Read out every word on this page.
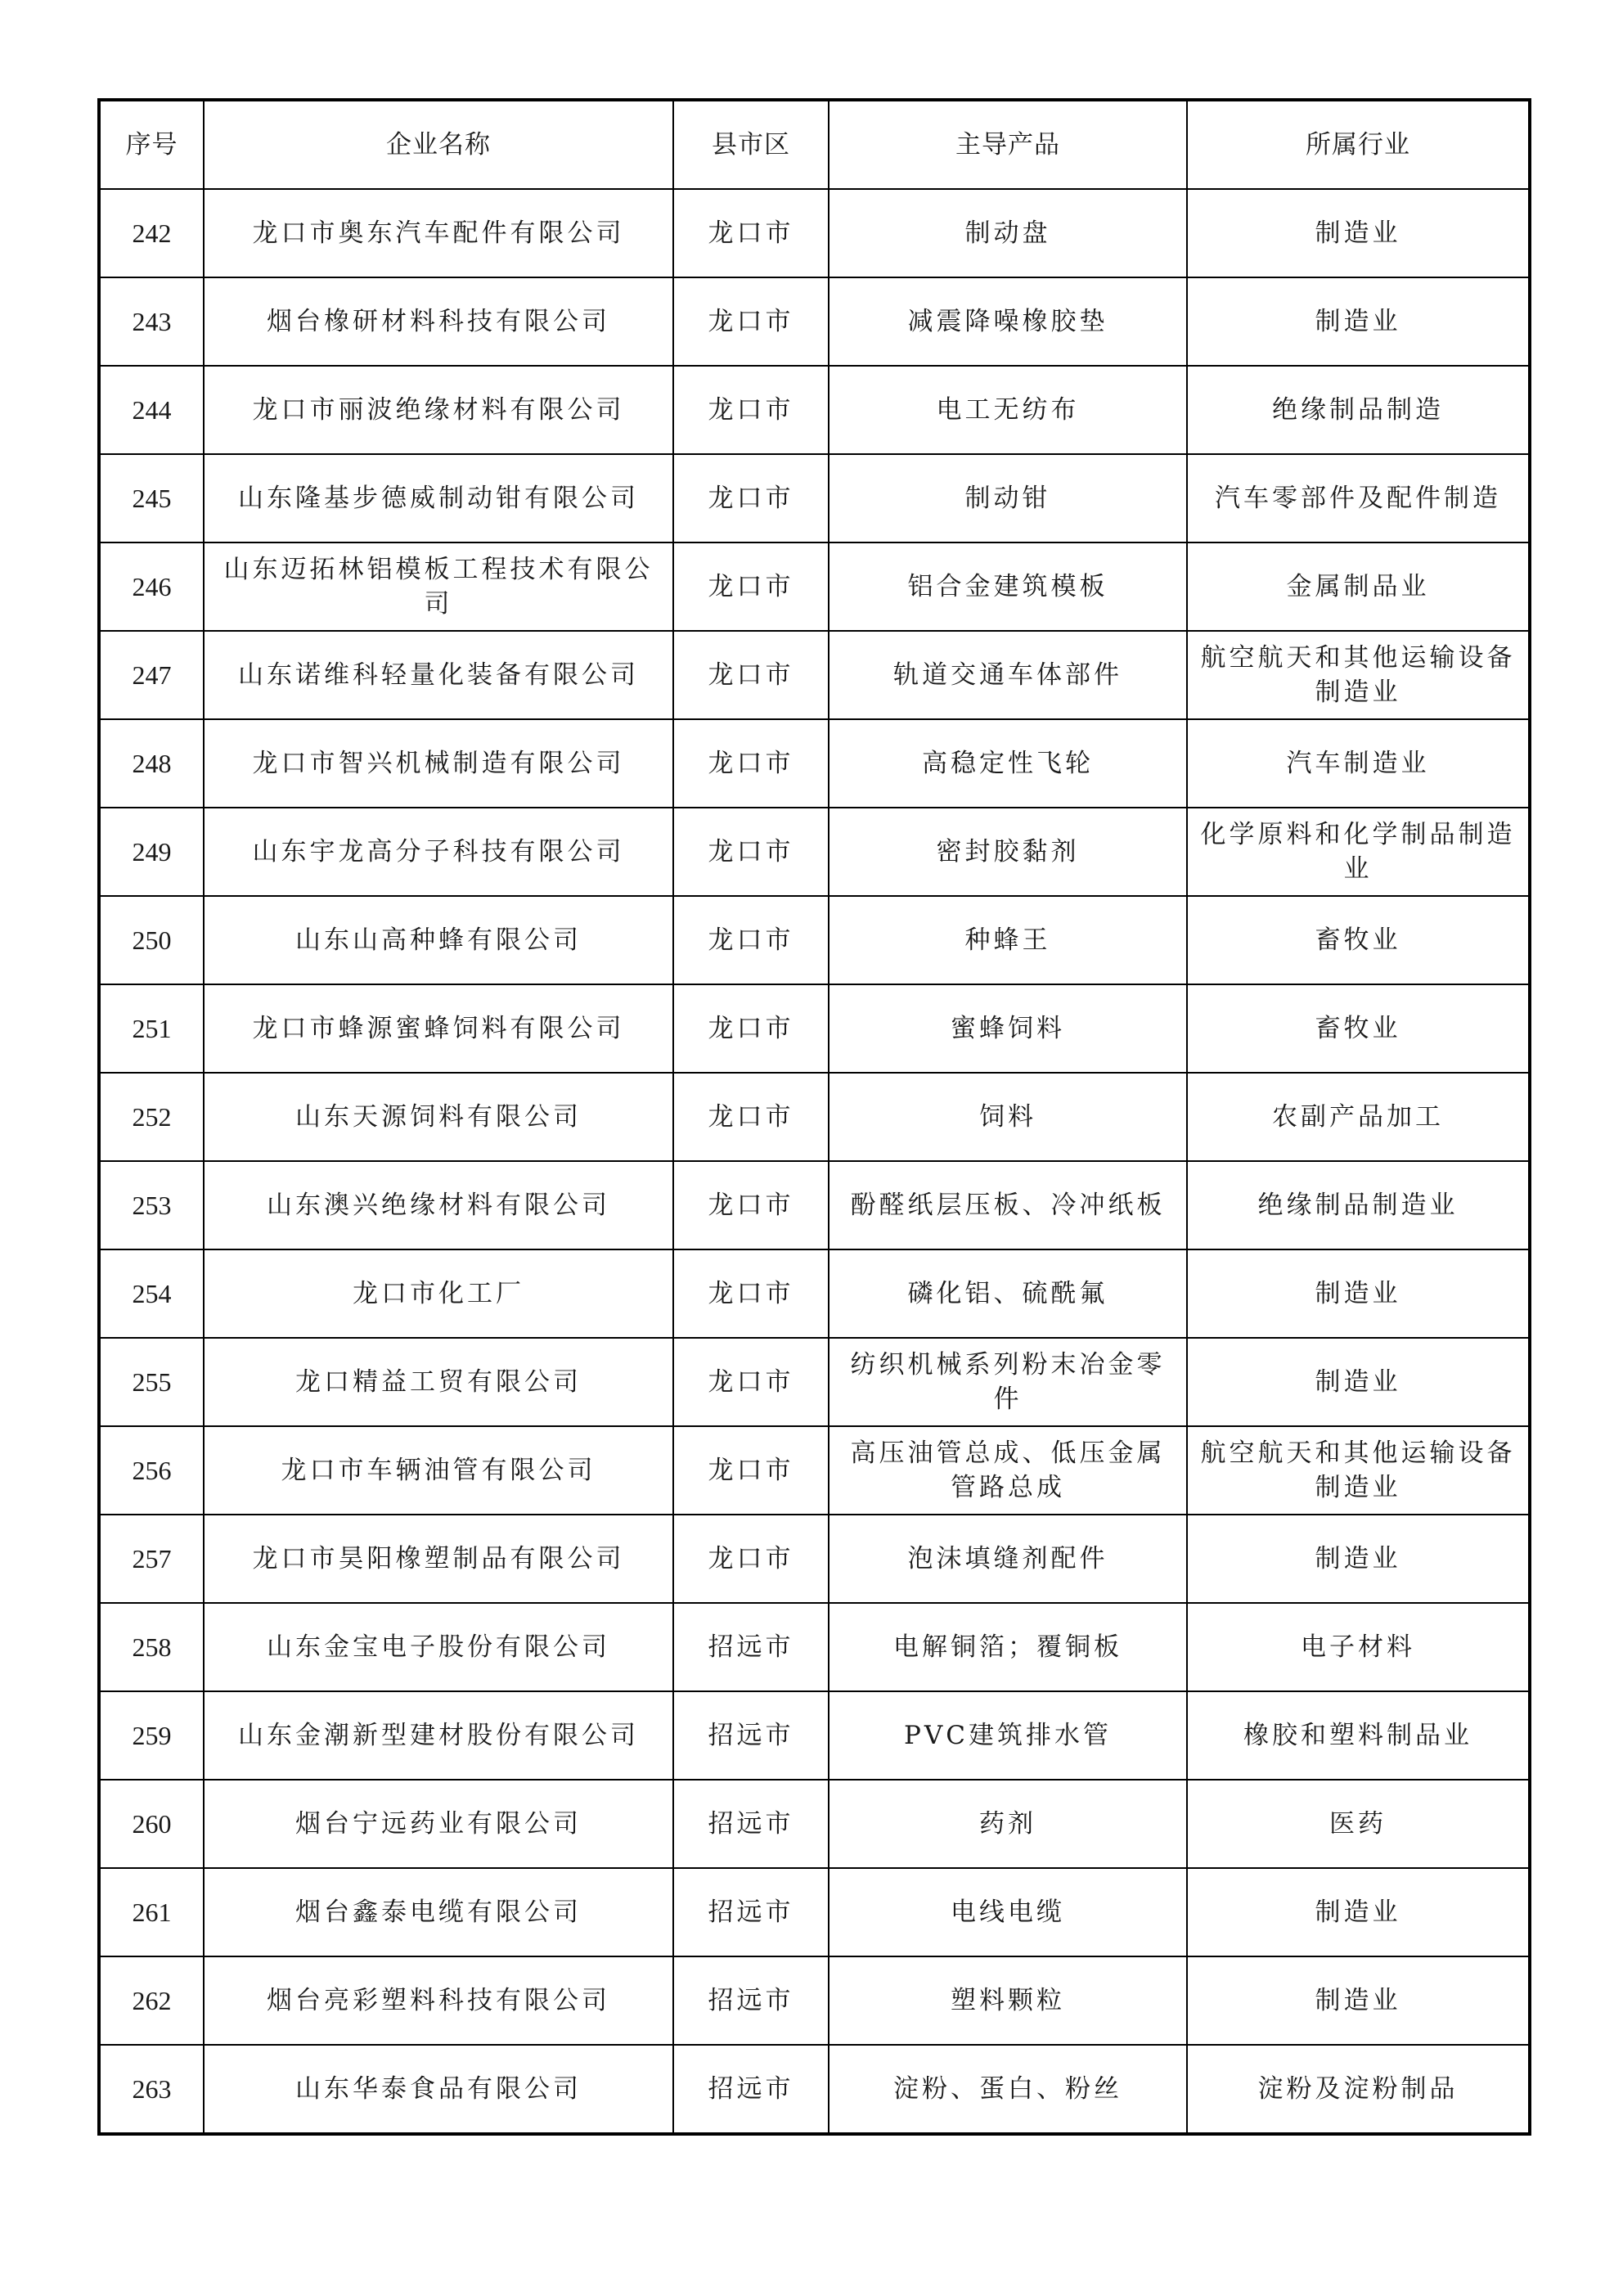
序号	企业名称	县市区	主导产品	所属行业
242	龙口市奥东汽车配件有限公司	龙口市	制动盘	制造业
243	烟台橡研材料科技有限公司	龙口市	减震降噪橡胶垫	制造业
244	龙口市丽波绝缘材料有限公司	龙口市	电工无纺布	绝缘制品制造
245	山东隆基步德威制动钳有限公司	龙口市	制动钳	汽车零部件及配件制造
246	山东迈拓林铝模板工程技术有限公司	龙口市	铝合金建筑模板	金属制品业
247	山东诺维科轻量化装备有限公司	龙口市	轨道交通车体部件	航空航天和其他运输设备制造业
248	龙口市智兴机械制造有限公司	龙口市	高稳定性飞轮	汽车制造业
249	山东宇龙高分子科技有限公司	龙口市	密封胶黏剂	化学原料和化学制品制造业
250	山东山高种蜂有限公司	龙口市	种蜂王	畜牧业
251	龙口市蜂源蜜蜂饲料有限公司	龙口市	蜜蜂饲料	畜牧业
252	山东天源饲料有限公司	龙口市	饲料	农副产品加工
253	山东澳兴绝缘材料有限公司	龙口市	酚醛纸层压板、冷冲纸板	绝缘制品制造业
254	龙口市化工厂	龙口市	磷化铝、硫酰氟	制造业
255	龙口精益工贸有限公司	龙口市	纺织机械系列粉末冶金零件	制造业
256	龙口市车辆油管有限公司	龙口市	高压油管总成、低压金属管路总成	航空航天和其他运输设备制造业
257	龙口市昊阳橡塑制品有限公司	龙口市	泡沫填缝剂配件	制造业
258	山东金宝电子股份有限公司	招远市	电解铜箔；覆铜板	电子材料
259	山东金潮新型建材股份有限公司	招远市	PVC建筑排水管	橡胶和塑料制品业
260	烟台宁远药业有限公司	招远市	药剂	医药
261	烟台鑫泰电缆有限公司	招远市	电线电缆	制造业
262	烟台亮彩塑料科技有限公司	招远市	塑料颗粒	制造业
263	山东华泰食品有限公司	招远市	淀粉、蛋白、粉丝	淀粉及淀粉制品
